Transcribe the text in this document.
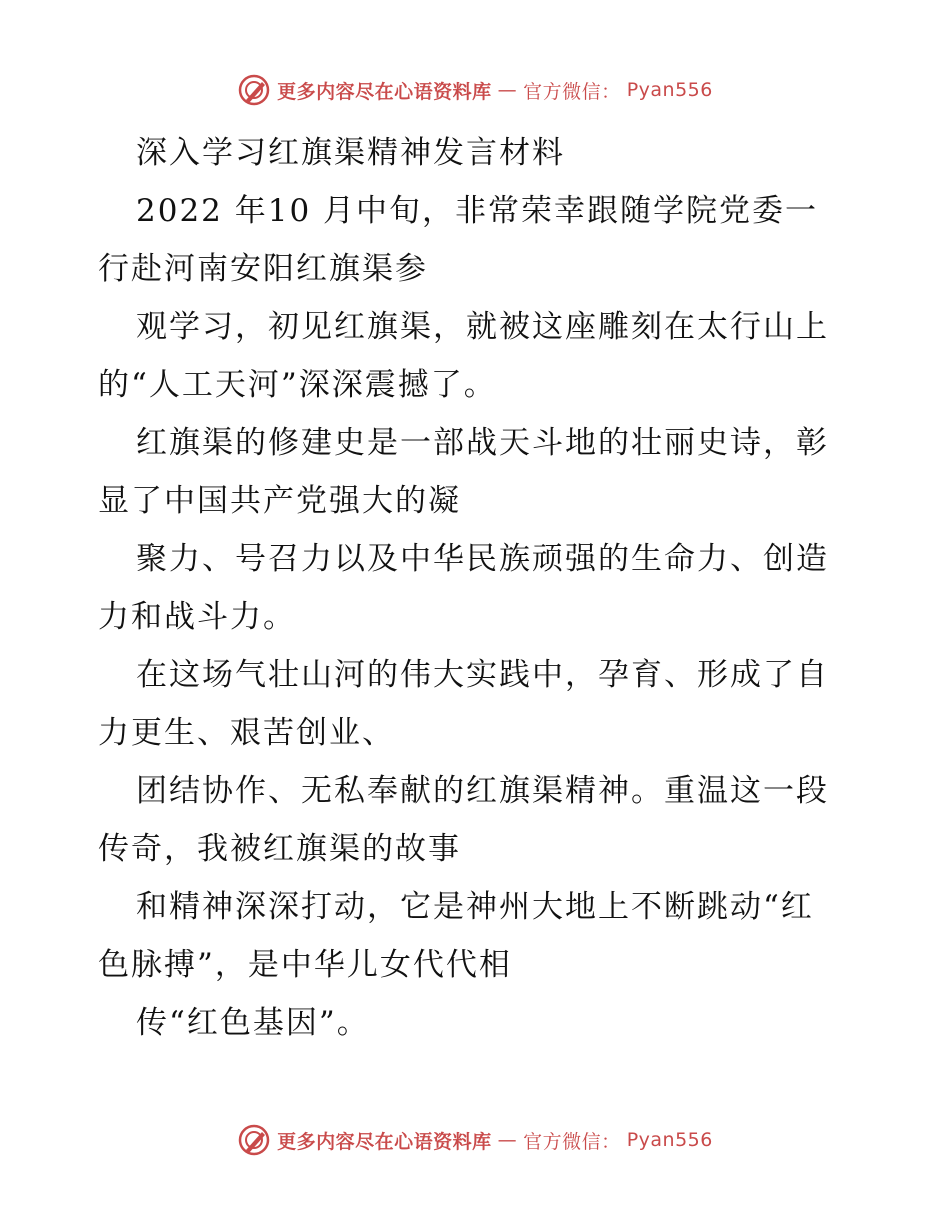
更多内容尽在心语资料库 — 官方微信： Pyan556
深入学习红旗渠精神发言材料
2022 年10 月中旬，非常荣幸跟随学院党委一
行赴河南安阳红旗渠参
观学习，初见红旗渠，就被这座雕刻在太行山上
的“人工天河”深深震撼了。
红旗渠的修建史是一部战天斗地的壮丽史诗，彰
显了中国共产党强大的凝
聚力、号召力以及中华民族顽强的生命力、创造
力和战斗力。
在这场气壮山河的伟大实践中，孕育、形成了自
力更生、艰苦创业、
团结协作、无私奉献的红旗渠精神。重温这一段
传奇，我被红旗渠的故事
和精神深深打动，它是神州大地上不断跳动“红
色脉搏”，是中华儿女代代相
传“红色基因”。
更多内容尽在心语资料库 — 官方微信： Pyan556
